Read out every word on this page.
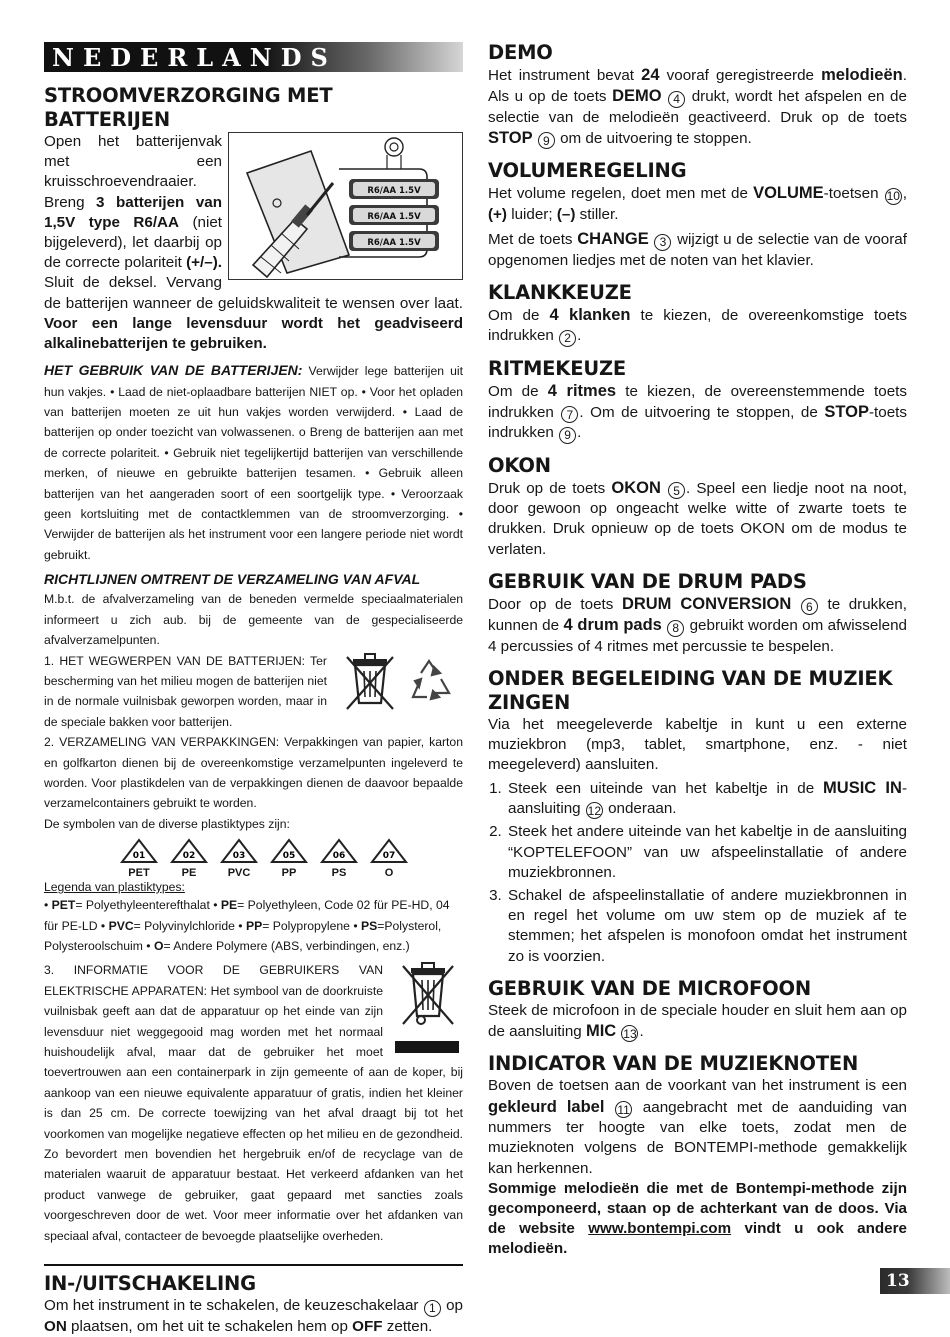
NEDERLANDS
STROOMVERZORGING MET BATTERIJEN
R6/AA 1.5V
R6/AA 1.5V
R6/AA 1.5V
Open het batterijenvak met een kruisschroevendraaier. Breng 3 batterijen van 1,5V type R6/AA (niet bijgeleverd), let daarbij op de correcte polariteit (+/–). Sluit de deksel. Vervang de batterijen wanneer de geluidskwaliteit te wensen over laat. Voor een lange levensduur wordt het geadviseerd alkalinebatterijen te gebruiken.
HET GEBRUIK VAN DE BATTERIJEN: Verwijder lege batterijen uit hun vakjes. • Laad de niet-oplaadbare batterijen NIET op. • Voor het opladen van batterijen moeten ze uit hun vakjes worden verwijderd. • Laad de batterijen op onder toezicht van volwassenen. o Breng de batterijen aan met de correcte polariteit. • Gebruik niet tegelijkertijd batterijen van verschillende merken, of nieuwe en gebruikte batterijen tesamen. • Gebruik alleen batterijen van het aangeraden soort of een soortgelijk type. • Veroorzaak geen kortsluiting met de contactklemmen van de stroomverzorging. • Verwijder de batterijen als het instrument voor een langere periode niet wordt gebruikt.
RICHTLIJNEN OMTRENT DE VERZAMELING VAN AFVAL
M.b.t. de afvalverzameling van de beneden vermelde speciaalmaterialen informeert u zich aub. bij de gemeente van de gespecialiseerde afvalverzamelpunten.
1. HET WEGWERPEN VAN DE BATTERIJEN: Ter bescherming van het milieu mogen de batterijen niet in de normale vuilnisbak geworpen worden, maar in de speciale bakken voor batterijen.
2. VERZAMELING VAN VERPAKKINGEN: Verpakkingen van papier, karton en golfkarton dienen bij de overeenkomstige verzamelpunten ingeleverd te worden. Voor plastikdelen van de verpakkingen dienen de daavoor bepaalde verzamelcontainers gebruikt te worden.
De symbolen van de diverse plastiktypes zijn:
01
PET
02
PE
03
PVC
05
PP
06
PS
07
O
Legenda van plastiktypes:
• PET= Polyethyleenterefthalat • PE= Polyethyleen, Code 02 für PE-HD, 04 für PE-LD • PVC= Polyvinylchloride • PP= Polypropylene • PS=Polysterol, Polysteroolschuim • O= Andere Polymere (ABS, verbindingen, enz.)
3. INFORMATIE VOOR DE GEBRUIKERS VAN ELEKTRISCHE APPARATEN: Het symbool van de doorkruiste vuilnisbak geeft aan dat de apparatuur op het einde van zijn levensduur niet weggegooid mag worden met het normaal huishoudelijk afval, maar dat de gebruiker het moet toevertrouwen aan een containerpark in zijn gemeente of aan de koper, bij aankoop van een nieuwe equivalente apparatuur of gratis, indien het kleiner is dan 25 cm. De correcte toewijzing van het afval draagt bij tot het voorkomen van mogelijke negatieve effecten op het milieu en de gezondheid. Zo bevordert men bovendien het hergebruik en/of de recyclage van de materialen waaruit de apparatuur bestaat. Het verkeerd afdanken van het product vanwege de gebruiker, gaat gepaard met sancties zoals voorgeschreven door de wet. Voor meer informatie over het afdanken van speciaal afval, contacteer de bevoegde plaatselijke overheden.
IN-/UITSCHAKELING
Om het instrument in te schakelen, de keuzeschakelaar 1 op ON plaatsen, om het uit te schakelen hem op OFF zetten.
DEMO
Het instrument bevat 24 vooraf geregistreerde melodieën. Als u op de toets DEMO 4 drukt, wordt het afspelen en de selectie van de melodieën geactiveerd. Druk op de toets STOP 9 om de uitvoering te stoppen.
VOLUMEREGELING
Het volume regelen, doet men met de VOLUME-toetsen 10 , (+) luider; (–) stiller.
Met de toets CHANGE 3 wijzigt u de selectie van de vooraf opgenomen liedjes met de noten van het klavier.
KLANKKEUZE
Om de 4 klanken te kiezen, de overeenkomstige toets indrukken 2 .
RITMEKEUZE
Om de 4 ritmes te kiezen, de overeenstemmende toets indrukken 7 . Om de uitvoering te stoppen, de STOP-toets indrukken 9 .
OKON
Druk op de toets OKON 5 . Speel een liedje noot na noot, door gewoon op ongeacht welke witte of zwarte toets te drukken. Druk opnieuw op de toets OKON om de modus te verlaten.
GEBRUIK VAN DE DRUM PADS
Door op de toets DRUM CONVERSION 6 te drukken, kunnen de 4 drum pads 8 gebruikt worden om afwisselend 4 percussies of 4 ritmes met percussie te bespelen.
ONDER BEGELEIDING VAN DE MUZIEK ZINGEN
Via het meegeleverde kabeltje in kunt u een externe muziekbron (mp3, tablet, smartphone, enz. - niet meegeleverd) aansluiten.
1. Steek een uiteinde van het kabeltje in de MUSIC IN-aansluiting 12 onderaan.
2. Steek het andere uiteinde van het kabeltje in de aansluiting “KOPTELEFOON” van uw afspeelinstallatie of andere muziekbronnen.
3. Schakel de afspeelinstallatie of andere muziekbronnen in en regel het volume om uw stem op de muziek af te stemmen; het afspelen is monofoon omdat het instrument zo is voorzien.
GEBRUIK VAN DE MICROFOON
Steek de microfoon in de speciale houder en sluit hem aan op de aansluiting MIC 13 .
INDICATOR VAN DE MUZIEKNOTEN
Boven de toetsen aan de voorkant van het instrument is een gekleurd label 11 aangebracht met de aanduiding van nummers ter hoogte van elke toets, zodat men de muzieknoten volgens de BONTEMPI-methode gemakkelijk kan herkennen.
Sommige melodieën die met de Bontempi-methode zijn gecomponeerd, staan op de achterkant van de doos. Via de website www.bontempi.com vindt u ook andere melodieën.
13
